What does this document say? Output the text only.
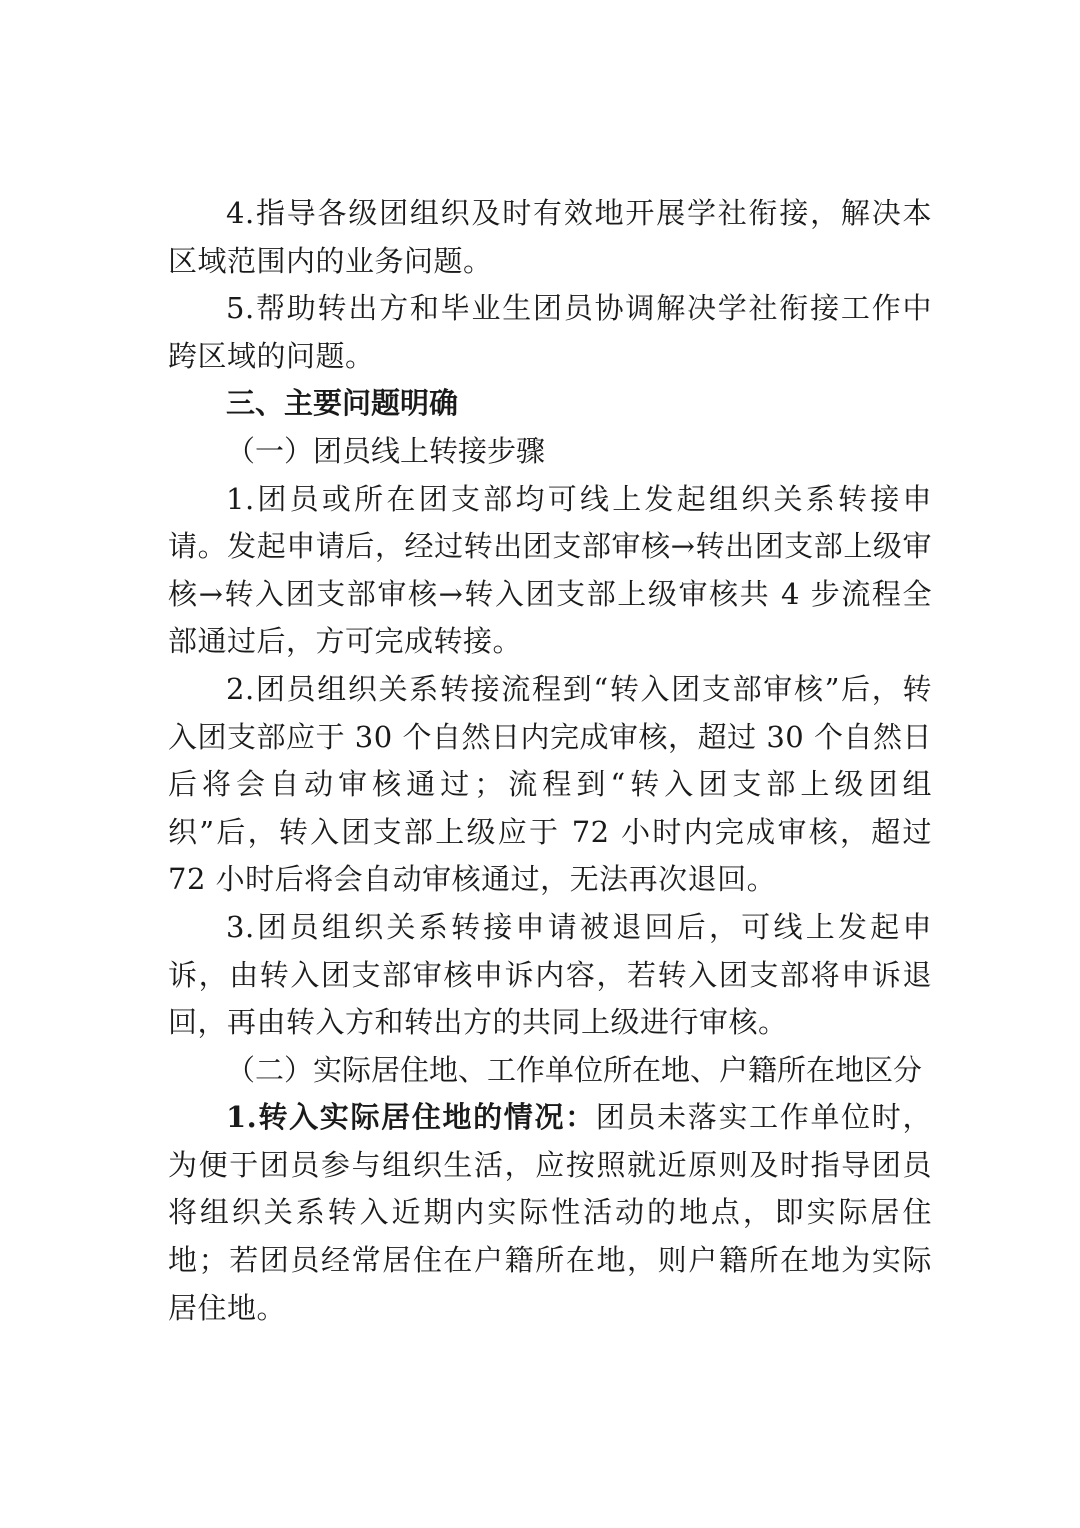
4.指导各级团组织及时有效地开展学社衔接，解决本区域范围内的业务问题。

5.帮助转出方和毕业生团员协调解决学社衔接工作中跨区域的问题。

三、主要问题明确

（一）团员线上转接步骤

1.团员或所在团支部均可线上发起组织关系转接申请。发起申请后，经过转出团支部审核→转出团支部上级审核→转入团支部审核→转入团支部上级审核共 4 步流程全部通过后，方可完成转接。

2.团员组织关系转接流程到“转入团支部审核”后，转入团支部应于 30 个自然日内完成审核，超过 30 个自然日后将会自动审核通过；流程到“转入团支部上级团组织”后，转入团支部上级应于 72 小时内完成审核，超过 72 小时后将会自动审核通过，无法再次退回。

3.团员组织关系转接申请被退回后，可线上发起申诉，由转入团支部审核申诉内容，若转入团支部将申诉退回，再由转入方和转出方的共同上级进行审核。

（二）实际居住地、工作单位所在地、户籍所在地区分

1.转入实际居住地的情况：团员未落实工作单位时，为便于团员参与组织生活，应按照就近原则及时指导团员将组织关系转入近期内实际性活动的地点，即实际居住地；若团员经常居住在户籍所在地，则户籍所在地为实际居住地。
